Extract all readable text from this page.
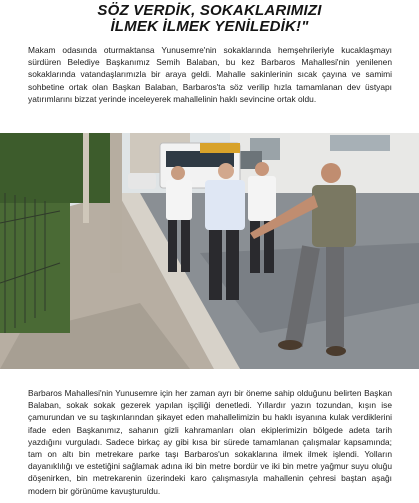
SÖZ VERDİK, SOKAKLARIMIZI
İLMEK İLMEK YENİLEDİK!"
Makam odasında oturmaktansa Yunusemre'nin sokaklarında hemşehrileriyle kucaklaşmayı sürdüren Belediye Başkanımız Semih Balaban, bu kez Barbaros Mahallesi'nin yenilenen sokaklarında vatandaşlarımızla bir araya geldi. Mahalle sakinlerinin sıcak çayına ve samimi sohbetine ortak olan Başkan Balaban, Barbaros'ta söz verilip hızla tamamlanan dev üstyapı yatırımlarını bizzat yerinde inceleyerek mahallelinin haklı sevincine ortak oldu.
Barbaros Mahallesi'nin Yunusemre için her zaman ayrı bir öneme sahip olduğunu belirten Başkan Balaban, sokak sokak gezerek yapılan işçiliği denetledi. Yıllardır yazın tozundan, kışın ise çamurundan ve su taşkınlarından şikayet eden mahallelimizin bu haklı isyanına kulak verdiklerini ifade eden Başkanımız, sahanın gizli kahramanları olan ekiplerimizin bölgede adeta tarih yazdığını vurguladı. Sadece birkaç ay gibi kısa bir sürede tamamlanan çalışmalar kapsamında; tam on altı bin metrekare parke taşı Barbaros'un sokaklarına ilmek ilmek işlendi. Yolların dayanıklılığı ve estetiğini sağlamak adına iki bin metre bordür ve iki bin metre yağmur suyu oluğu döşenirken, bin metrekarenin üzerindeki karo çalışmasıyla mahallenin çehresi baştan aşağı modern bir görünüme kavuşturuldu.
